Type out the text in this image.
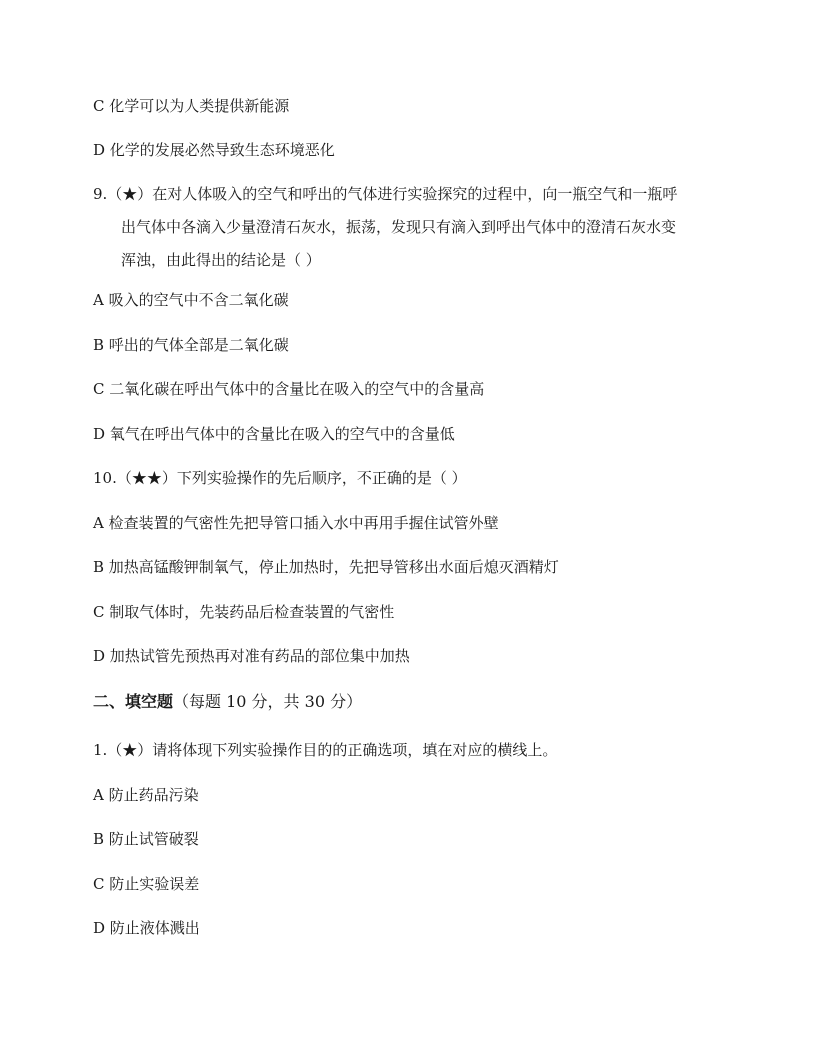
C 化学可以为人类提供新能源
D 化学的发展必然导致生态环境恶化
9.（★）在对人体吸入的空气和呼出的气体进行实验探究的过程中，向一瓶空气和一瓶呼
出气体中各滴入少量澄清石灰水，振荡，发现只有滴入到呼出气体中的澄清石灰水变
浑浊，由此得出的结论是（ ）
A 吸入的空气中不含二氧化碳
B 呼出的气体全部是二氧化碳
C 二氧化碳在呼出气体中的含量比在吸入的空气中的含量高
D 氧气在呼出气体中的含量比在吸入的空气中的含量低
10.（★★）下列实验操作的先后顺序，不正确的是（ ）
A 检查装置的气密性先把导管口插入水中再用手握住试管外壁
B 加热高锰酸钾制氧气，停止加热时，先把导管移出水面后熄灭酒精灯
C 制取气体时，先装药品后检查装置的气密性
D 加热试管先预热再对准有药品的部位集中加热
二、填空题（每题 10 分，共 30 分）
1.（★）请将体现下列实验操作目的的正确选项，填在对应的横线上。
A 防止药品污染
B 防止试管破裂
C 防止实验误差
D 防止液体溅出
